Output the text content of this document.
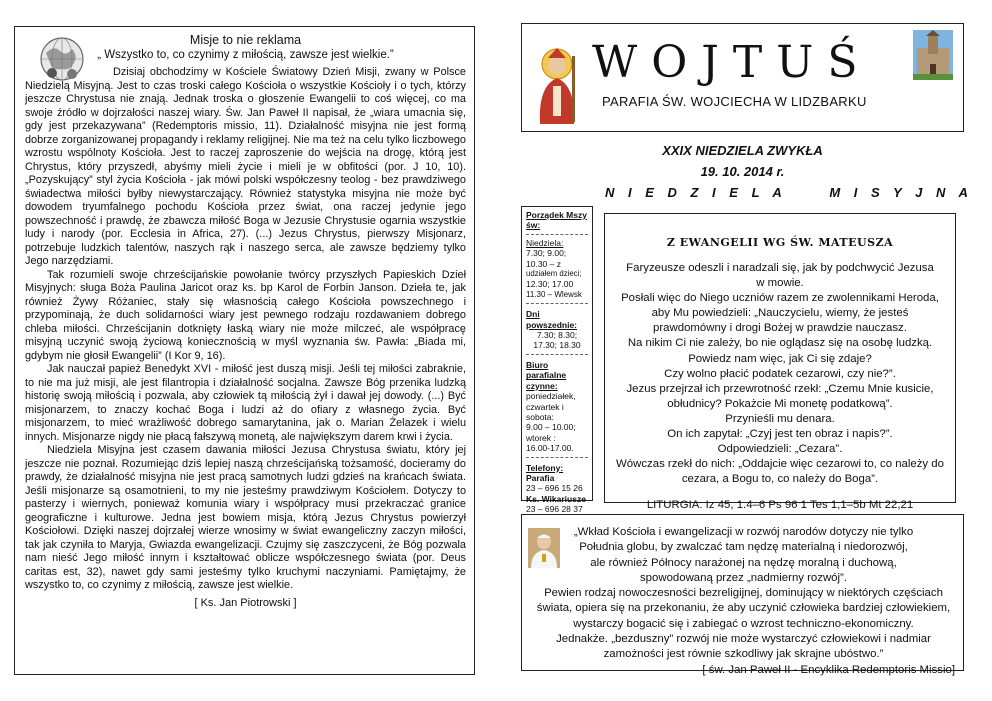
Misje to nie reklama
„ Wszystko to, co czynimy z miłością, zawsze jest wielkie.”

Dzisiaj obchodzimy w Kościele Światowy Dzień Misji, zwany w Polsce Niedzielą Misyjną. Jest to czas troski całego Kościoła o wszystkie Kościoły i o tych, którzy jeszcze Chrystusa nie znają. Jednak troska o głoszenie Ewangelii to coś więcej, co ma swoje źródło w dojrzałości naszej wiary. Św. Jan Paweł II napisał, że „wiara umacnia się, gdy jest przekazywana” (Redemptoris missio, 11). Działalność misyjna nie jest formą dobrze zorganizowanej propagandy i reklamy religijnej. Nie ma też na celu tylko liczbowego wzrostu wspólnoty Kościoła. Jest to raczej zaproszenie do wejścia na drogę, którą jest Chrystus, który przyszedł, abyśmy mieli życie i mieli je w obfitości (por. J 10, 10). „Pozyskujący” styl życia Kościoła - jak mówi polski współczesny teolog - bez prawdziwego świadectwa miłości byłby niewystarczający. Również statystyka misyjna nie może być dowodem tryumfalnego pochodu Kościoła przez świat, ona raczej jedynie jego powszechność i prawdę, że zbawcza miłość Boga w Jezusie Chrystusie ogarnia wszystkie ludy i narody (por. Ecclesia in Africa, 27). (...) Jezus Chrystus, pierwszy Misjonarz, potrzebuje ludzkich talentów, naszych rąk i naszego serca, ale zawsze będziemy tylko Jego narzędziami.

Tak rozumieli swoje chrześcijańskie powołanie twórcy przyszłych Papieskich Dzieł Misyjnych: sługa Boża Paulina Jaricot oraz ks. bp Karol de Forbin Janson. Dzieła te, jak również Żywy Różaniec, stały się własnością całego Kościoła powszechnego i przypominają, że duch solidarności wiary jest pewnego rodzaju rozdawaniem dobrego chleba miłości. Chrześcijanin dotknięty łaską wiary nie może milczeć, ale współpracę misyjną uczynić swoją życiową koniecznością w myśl wyznania św. Pawła: „Biada mi, gdybym nie głosił Ewangelii” (I Kor 9, 16).

Jak nauczał papież Benedykt XVI - miłość jest duszą misji. Jeśli tej miłości zabraknie, to nie ma już misji, ale jest filantropia i działalność socjalna. Zawsze Bóg przenika ludzką historię swoją miłością i pozwala, aby człowiek tą miłością żył i dawał jej dowody. (...) Być misjonarzem, to znaczy kochać Boga i ludzi aż do ofiary z własnego życia. Być misjonarzem, to mieć wrażliwość dobrego samarytanina, jak o. Marian Żelazek i wielu innych. Misjonarze nigdy nie płacą fałszywą monetą, ale największym darem krwi i życia.

Niedziela Misyjna jest czasem dawania miłości Jezusa Chrystusa światu, który jej jeszcze nie poznał. Rozumiejąc dziś lepiej naszą chrześcijańską tożsamość, docieramy do prawdy, że działalność misyjna nie jest pracą samotnych ludzi gdzieś na krańcach świata. Jeśli misjonarze są osamotnieni, to my nie jesteśmy prawdziwym Kościołem. Dotyczy to pasterzy i wiernych, ponieważ komunia wiary i współpracy musi przekraczać granice geograficzne i kulturowe. Jedna jest bowiem misja, którą Jezus Chrystus powierzył Kościołowi. Dzięki naszej dojrzałej wierze wnosimy w świat ewangeliczny zaczyn miłości, tak jak czyniła to Maryja, Gwiazda ewangelizacji. Czujmy się zaszczyceni, że Bóg pozwala nam nieść Jego miłość innym i kształtować oblicze współczesnego świata (por. Deus caritas est, 32), nawet gdy sami jesteśmy tylko kruchymi naczyniami. Pamiętajmy, że wszystko to, co czynimy z miłością, zawsze jest wielkie.

[ Ks. Jan Piotrowski ]
WOJTUŚ
PARAFIA ŚW. WOJCIECHA W LIDZBARKU
XXIX NIEDZIELA ZWYKŁA
19. 10. 2014 r.
N I E D Z I E L A     M I S Y J N A
Porządek Mszy św:
Niedziela:
7.30; 9.00;
10.30 – z
udziałem dzieci;
12.30; 17.00
11.30 – Wlewsk
Dni powszednie:
7.30; 8.30;
17.30; 18.30
Biuro parafialne czynne:
poniedziałek,
czwartek i
sobota:
9.00 – 10.00;
wtorek :
16.00-17.00.
Telefony:
Parafia
23 – 696 15 26
Ks. Wikariusze
23 – 696 28 37
Z EWANGELII WG ŚW. MATEUSZA
Faryzeusze odeszli i naradzali się, jak by podchwycić Jezusa
w mowie.
Posłali więc do Niego uczniów razem ze zwolennikami Heroda,
aby Mu powiedzieli: „Nauczycielu, wiemy, że jesteś
prawdomówny i drogi Bożej w prawdzie nauczasz.
Na nikim Ci nie zależy, bo nie oglądasz się na osobę ludzką.
Powiedz nam więc, jak Ci się zdaje?
Czy wolno płacić podatek cezarowi, czy nie?”.
Jezus przejrzał ich przewrotność rzekł: „Czemu Mnie kusicie,
obłudnicy? Pokażcie Mi monetę podatkową”.
Przynieśli mu denara.
On ich zapytał: „Czyj jest ten obraz i napis?”.
Odpowiedzieli: „Cezara”.
Wówczas rzekł do nich: „Oddajcie więc cezarowi to, co należy do
cezara, a Bogu to, co należy do Boga”.
LITURGIA: Iz 45, 1.4–6 Ps 96 1 Tes 1,1–5b Mt 22,21
„Wkład Kościoła i ewangelizacji w rozwój narodów dotyczy nie tylko
Południa globu, by zwalczać tam nędzę materialną i niedorozwój,
ale również Północy narażonej na nędzę moralną i duchową,
spowodowaną przez „nadmierny rozwój”.
Pewien rodzaj nowoczesności bezreligijnej, dominujący w niektórych częściach
świata, opiera się na przekonaniu, że aby uczynić człowieka bardziej człowiekiem,
wystarczy bogacić się i zabiegać o wzrost techniczno-ekonomiczny.
Jednakże. „bezduszny” rozwój nie może wystarczyć człowiekowi i nadmiar
zamożności jest równie szkodliwy jak skrajne ubóstwo.”
[ św. Jan Paweł II - Encyklika Redemptoris Missio]
